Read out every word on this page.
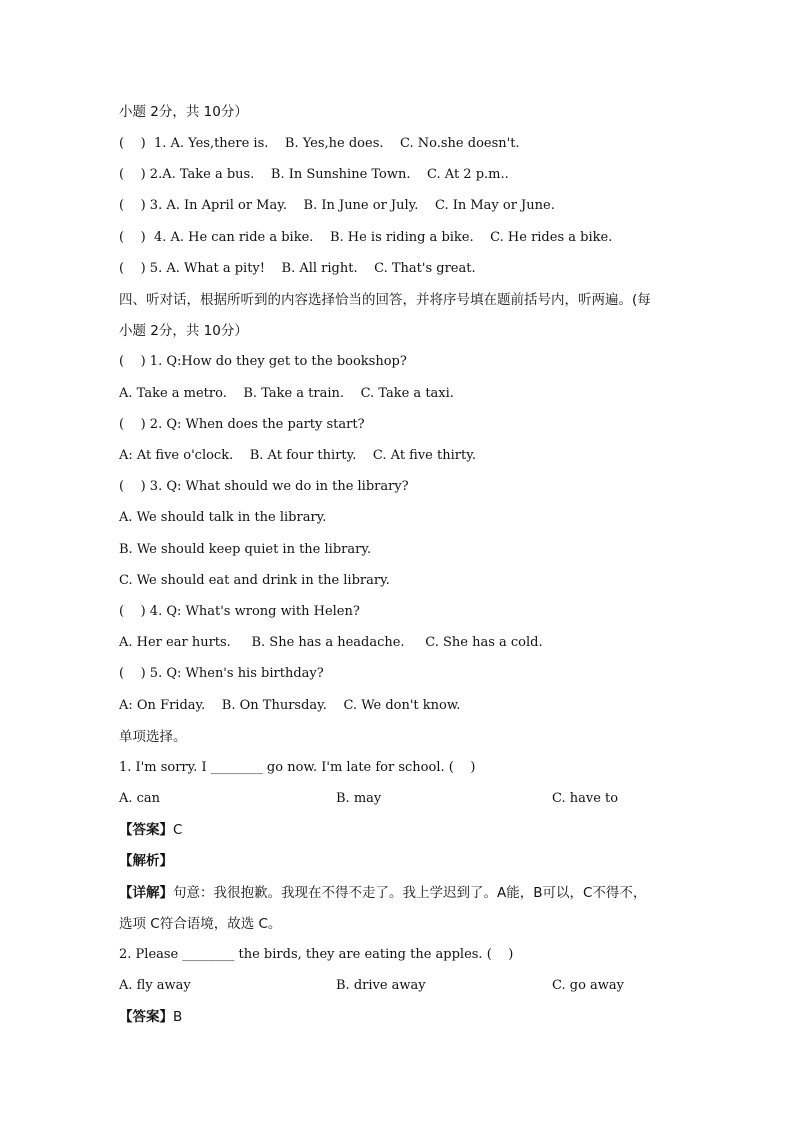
小题 2分，共 10分）
(    )  1. A. Yes,there is.    B. Yes,he does.    C. No.she doesn't.
(    ) 2.A. Take a bus.    B. In Sunshine Town.    C. At 2 p.m..
(    ) 3. A. In April or May.    B. In June or July.    C. In May or June.
(    )  4. A. He can ride a bike.    B. He is riding a bike.    C. He rides a bike.
(    ) 5. A. What a pity!    B. All right.    C. That's great.
四、听对话，根据所听到的内容选择恰当的回答，并将序号填在题前括号内，听两遍。(每
小题 2分，共 10分）
(    ) 1. Q:How do they get to the bookshop?
A. Take a metro.    B. Take a train.    C. Take a taxi.
(    ) 2. Q: When does the party start?
A: At five o'clock.    B. At four thirty.    C. At five thirty.
(    ) 3. Q: What should we do in the library?
A. We should talk in the library.
B. We should keep quiet in the library.
C. We should eat and drink in the library.
(    ) 4. Q: What's wrong with Helen?
A. Her ear hurts.     B. She has a headache.     C. She has a cold.
(    ) 5. Q: When's his birthday?
A: On Friday.    B. On Thursday.    C. We don't know.
单项选择。
1. I'm sorry. I ________ go now. I'm late for school. (    )

A. can

	B. may

	C. have to

【答案】C
【解析】
【详解】句意：我很抱歉。我现在不得不走了。我上学迟到了。A能，B可以，C不得不，
选项 C符合语境，故选 C。
2. Please ________ the birds, they are eating the apples. (    )

A. fly away

	B. drive away

	C. go away

【答案】B
